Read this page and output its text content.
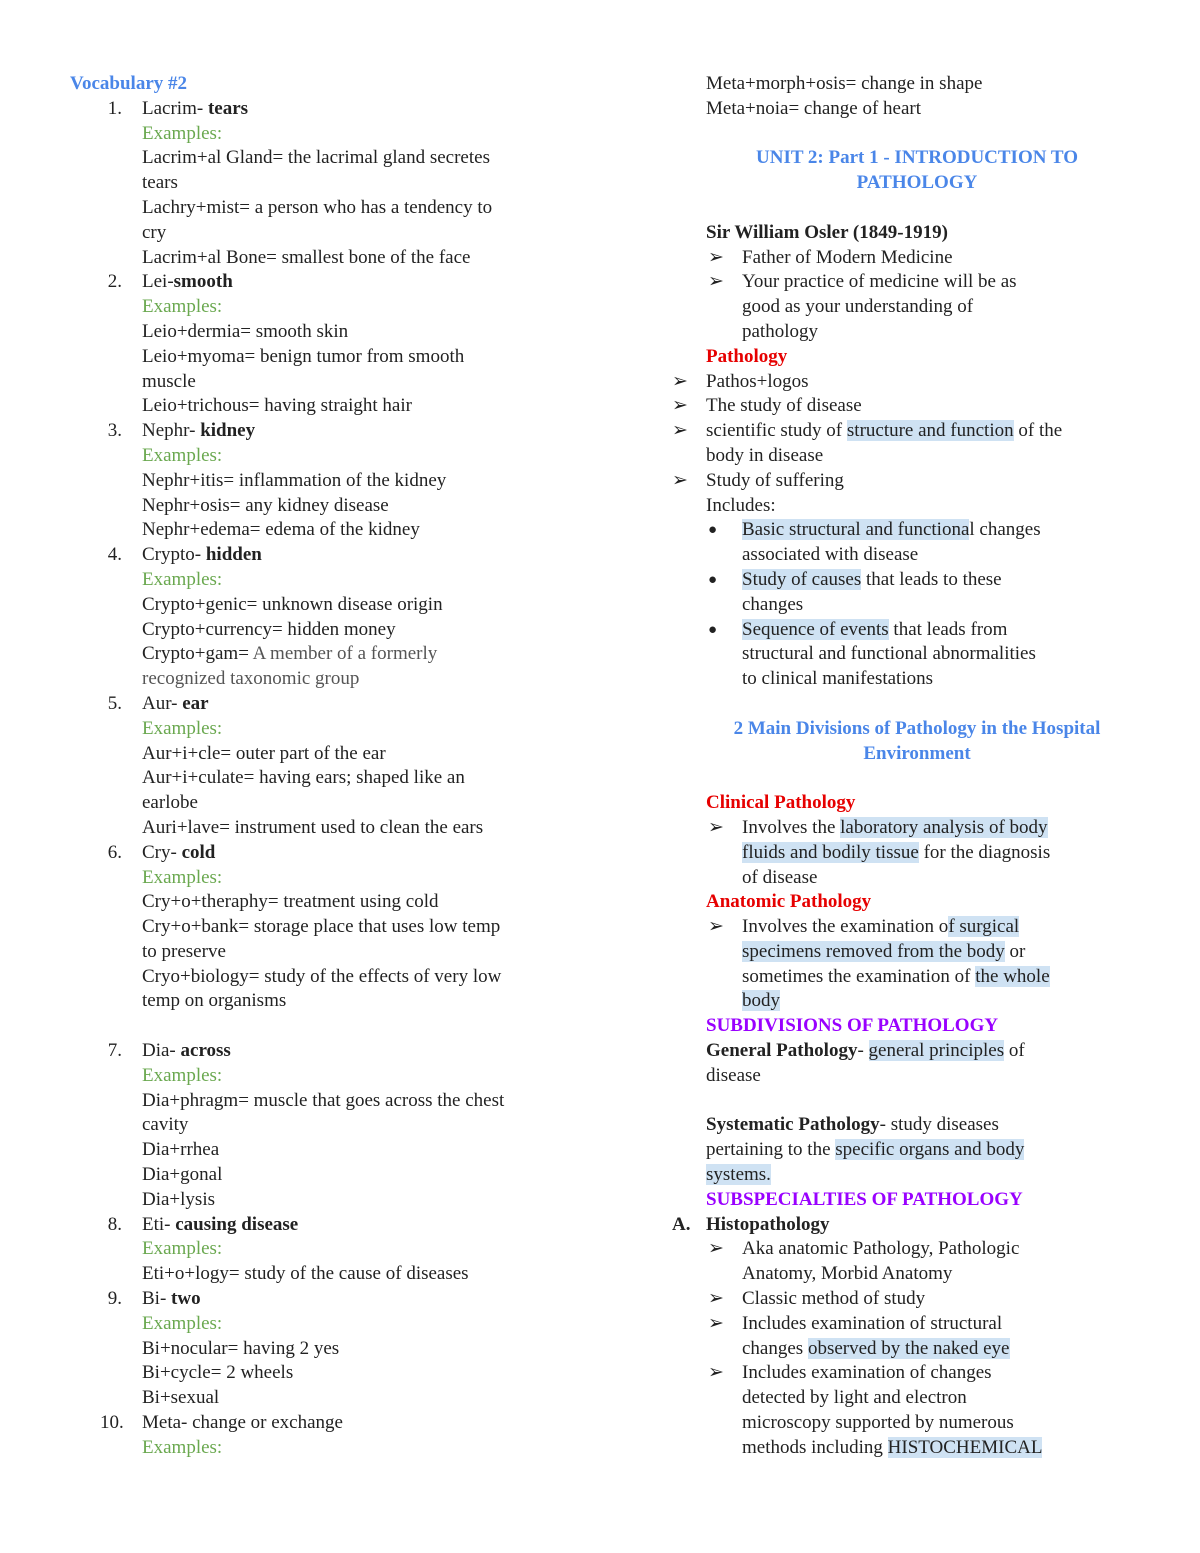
Vocabulary #2
1. Lacrim- tears
Examples:
Lacrim+al Gland= the lacrimal gland secretes
tears
Lachry+mist= a person who has a tendency to
cry
Lacrim+al Bone= smallest bone of the face
2. Lei-smooth
Examples:
Leio+dermia= smooth skin
Leio+myoma= benign tumor from smooth
muscle
Leio+trichous= having straight hair
3. Nephr- kidney
Examples:
Nephr+itis= inflammation of the kidney
Nephr+osis= any kidney disease
Nephr+edema= edema of the kidney
4. Crypto- hidden
Examples:
Crypto+genic= unknown disease origin
Crypto+currency= hidden money
Crypto+gam= A member of a formerly
recognized taxonomic group
5. Aur- ear
Examples:
Aur+i+cle= outer part of the ear
Aur+i+culate= having ears; shaped like an
earlobe
Auri+lave= instrument used to clean the ears
6. Cry- cold
Examples:
Cry+o+theraphy= treatment using cold
Cry+o+bank= storage place that uses low temp
to preserve
Cryo+biology= study of the effects of very low
temp on organisms
7. Dia- across
Examples:
Dia+phragm= muscle that goes across the chest
cavity
Dia+rrhea
Dia+gonal
Dia+lysis
8. Eti- causing disease
Examples:
Eti+o+logy= study of the cause of diseases
9. Bi- two
Examples:
Bi+nocular= having 2 yes
Bi+cycle= 2 wheels
Bi+sexual
10. Meta- change or exchange
Examples:
Meta+morph+osis= change in shape
Meta+noia= change of heart
UNIT 2: Part 1 - INTRODUCTION TO PATHOLOGY
Sir William Osler (1849-1919)
➢ Father of Modern Medicine
➢ Your practice of medicine will be as
good as your understanding of
pathology
Pathology
➢ Pathos+logos
➢ The study of disease
➢ scientific study of structure and function of the
body in disease
➢ Study of suffering
Includes:
● Basic structural and functional changes
associated with disease
● Study of causes that leads to these
changes
● Sequence of events that leads from
structural and functional abnormalities
to clinical manifestations
2 Main Divisions of Pathology in the Hospital Environment
Clinical Pathology
➢ Involves the laboratory analysis of body
fluids and bodily tissue for the diagnosis
of disease
Anatomic Pathology
➢ Involves the examination of surgical
specimens removed from the body or
sometimes the examination of the whole
body
SUBDIVISIONS OF PATHOLOGY
General Pathology- general principles of
disease
Systematic Pathology- study diseases
pertaining to the specific organs and body
systems.
SUBSPECIALTIES OF PATHOLOGY
A. Histopathology
➢ Aka anatomic Pathology, Pathologic
Anatomy, Morbid Anatomy
➢ Classic method of study
➢ Includes examination of structural
changes observed by the naked eye
➢ Includes examination of changes
detected by light and electron
microscopy supported by numerous
methods including HISTOCHEMICAL
